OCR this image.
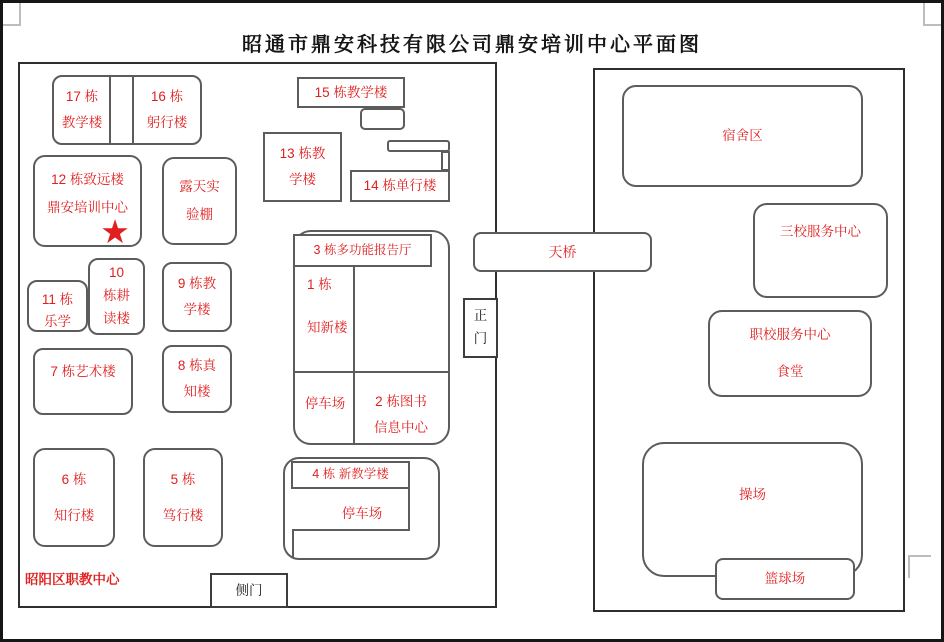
昭通市鼎安科技有限公司鼎安培训中心平面图
17 栋
教学楼
16 栋
躬行楼
12 栋致远楼
鼎安培训中心
★
露天实
验棚
10
栋耕
读楼
11 栋
乐学
9 栋教
学楼
7 栋艺术楼	8 栋真
知楼
6 栋
知行楼
5 栋
笃行楼
15 栋教学楼
13 栋教
学楼	14 栋单行楼
3 栋多功能报告厅
1 栋
知新楼
停车场 2 栋图书
信息中心
正
门
天桥
4 栋 新教学楼
停车场
侧门
昭阳区职教中心
宿舍区
三校服务中心
职校服务中心
食堂
操场
篮球场
